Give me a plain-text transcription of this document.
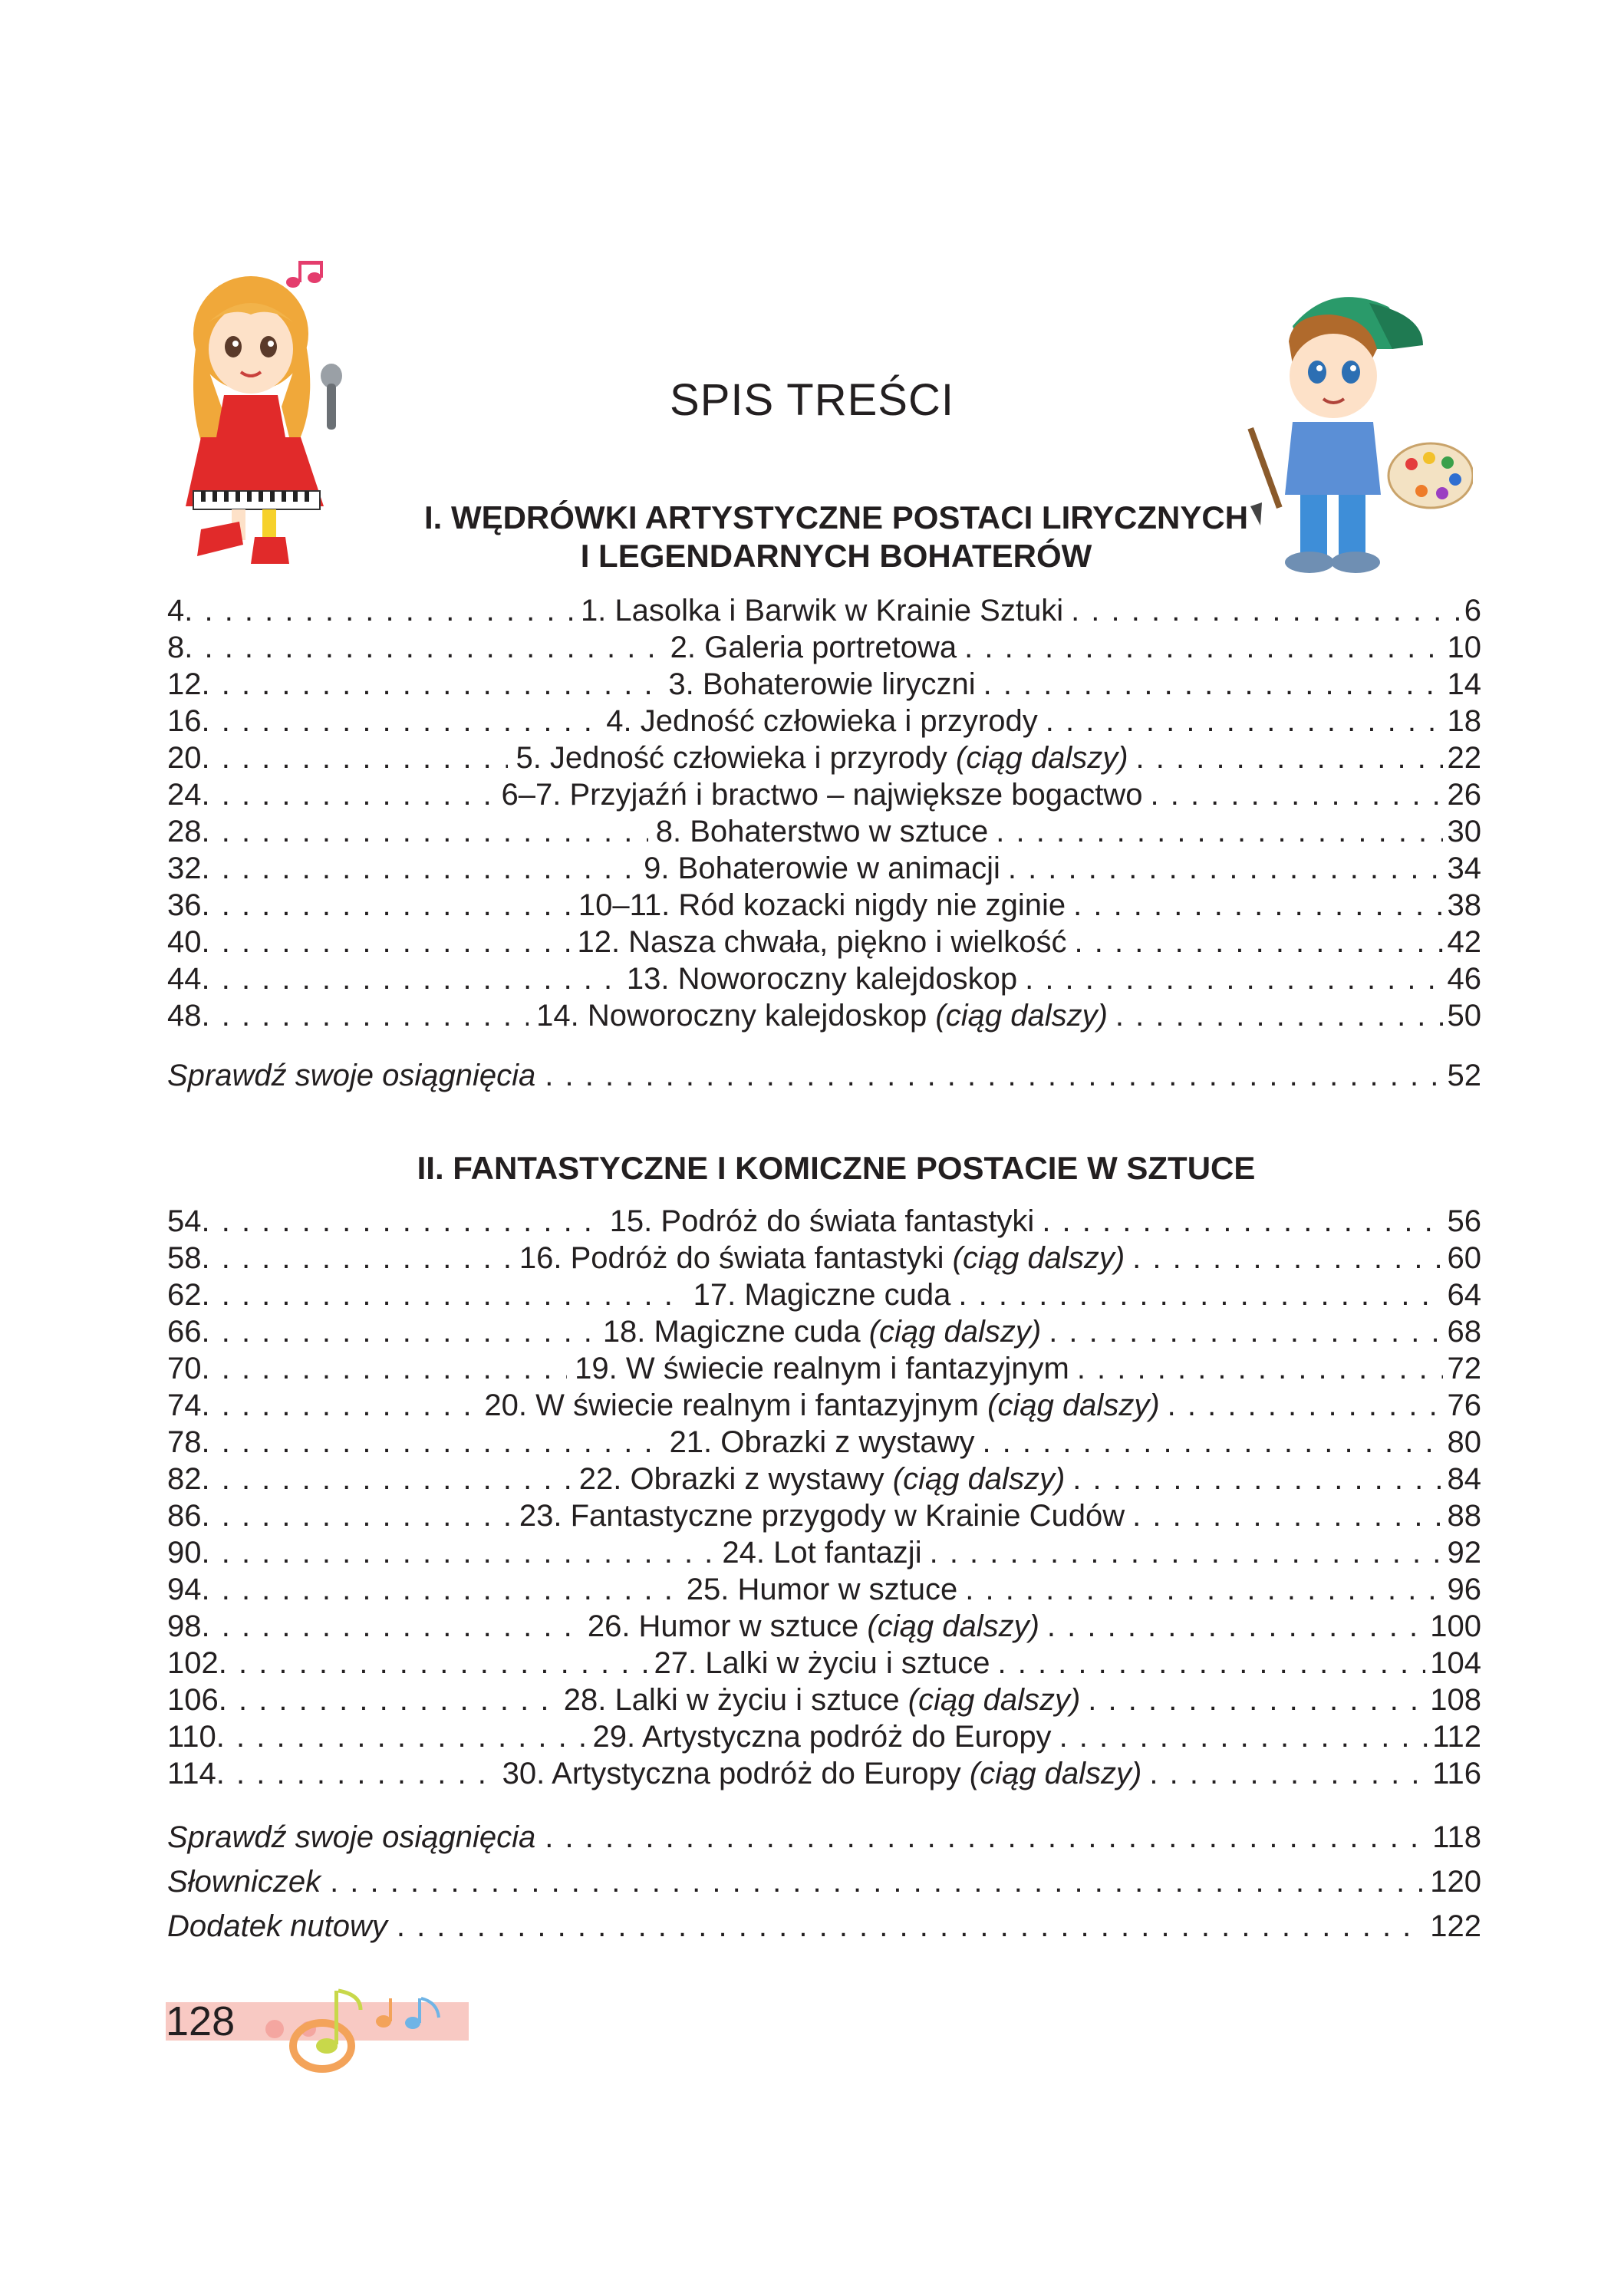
SPIS TREŚCI
I. WĘDRÓWKI ARTYSTYCZNE POSTACI LIRYCZNYCH
I LEGENDARNYCH BOHATERÓW
4 . . .	1. Lasolka i Barwik w Krainie Sztuki . . .	6
8 . . .	2. Galeria portretowa . . .	10
12 . . .	3. Bohaterowie liryczni . . .	14
16 . . .	4. Jedność człowieka i przyrody . . .	18
20 . . .	5. Jedność człowieka i przyrody (ciąg dalszy) . . .	22
24 . . .	6–7. Przyjaźń i bractwo – największe bogactwo . . .	26
28 . . .	8. Bohaterstwo w sztuce . . .	30
32 . . .	9. Bohaterowie w animacji . . .	34
36 . . .	10–11. Ród kozacki nigdy nie zginie . . .	38
40 . . .	12. Nasza chwała, piękno i wielkość . . .	42
44 . . .	13. Noworoczny kalejdoskop . . .	46
48 . . .	14. Noworoczny kalejdoskop (ciąg dalszy) . . .	50
Sprawdź swoje osiągnięcia . . .	52
II. FANTASTYCZNE I KOMICZNE POSTACIE W SZTUCE
54 . . .	15. Podróż do świata fantastyki . . .	56
58 . . .	16. Podróż do świata fantastyki (ciąg dalszy) . . .	60
62 . . .	17. Magiczne cuda . . .	64
66 . . .	18. Magiczne cuda (ciąg dalszy) . . .	68
70 . . .	19. W świecie realnym i fantazyjnym . . .	72
74 . . .	20. W świecie realnym i fantazyjnym (ciąg dalszy) . . .	76
78 . . .	21. Obrazki z wystawy . . .	80
82 . . .	22. Obrazki z wystawy (ciąg dalszy) . . .	84
86 . . .	23. Fantastyczne przygody w Krainie Cudów . . .	88
90 . . .	24. Lot fantazji . . .	92
94 . . .	25. Humor w sztuce . . .	96
98 . . .	26. Humor w sztuce (ciąg dalszy) . . .	100
102 . . .	27. Lalki w życiu i sztuce . . .	104
106 . . .	28. Lalki w życiu i sztuce (ciąg dalszy) . . .	108
110 . . .	29. Artystyczna podróż do Europy . . .	112
114 . . .	30. Artystyczna podróż do Europy (ciąg dalszy) . . .	116
Sprawdź swoje osiągnięcia . . .	118
Słowniczek . . .	120
Dodatek nutowy . . .	122
128
